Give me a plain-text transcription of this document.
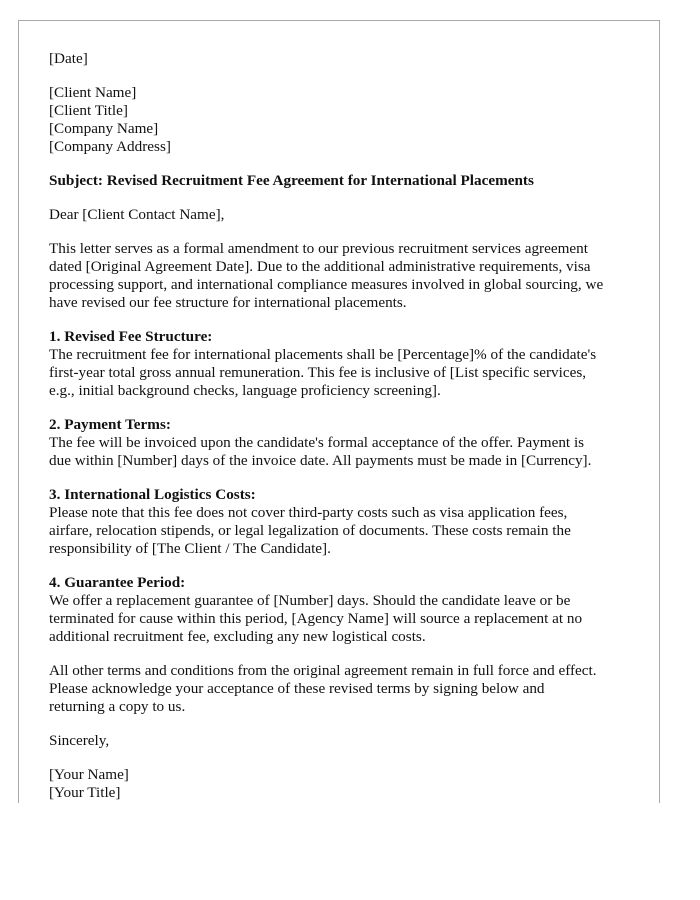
[Date]
[Client Name]
[Client Title]
[Company Name]
[Company Address]
Subject: Revised Recruitment Fee Agreement for International Placements

Dear [Client Contact Name],

This letter serves as a formal amendment to our previous recruitment services agreement
dated [Original Agreement Date]. Due to the additional administrative requirements, visa
processing support, and international compliance measures involved in global sourcing, we
have revised our fee structure for international placements.

1. Revised Fee Structure:
The recruitment fee for international placements shall be [Percentage]% of the candidate's
first-year total gross annual remuneration. This fee is inclusive of [List specific services,
e.g., initial background checks, language proficiency screening].
2. Payment Terms:
The fee will be invoiced upon the candidate's formal acceptance of the offer. Payment is
due within [Number] days of the invoice date. All payments must be made in [Currency].
3. International Logistics Costs:
Please note that this fee does not cover third-party costs such as visa application fees,
airfare, relocation stipends, or legal legalization of documents. These costs remain the
responsibility of [The Client / The Candidate].
4. Guarantee Period:
We offer a replacement guarantee of [Number] days. Should the candidate leave or be
terminated for cause within this period, [Agency Name] will source a replacement at no
additional recruitment fee, excluding any new logistical costs.

All other terms and conditions from the original agreement remain in full force and effect.
Please acknowledge your acceptance of these revised terms by signing below and
returning a copy to us.

Sincerely,

[Your Name]
[Your Title]
